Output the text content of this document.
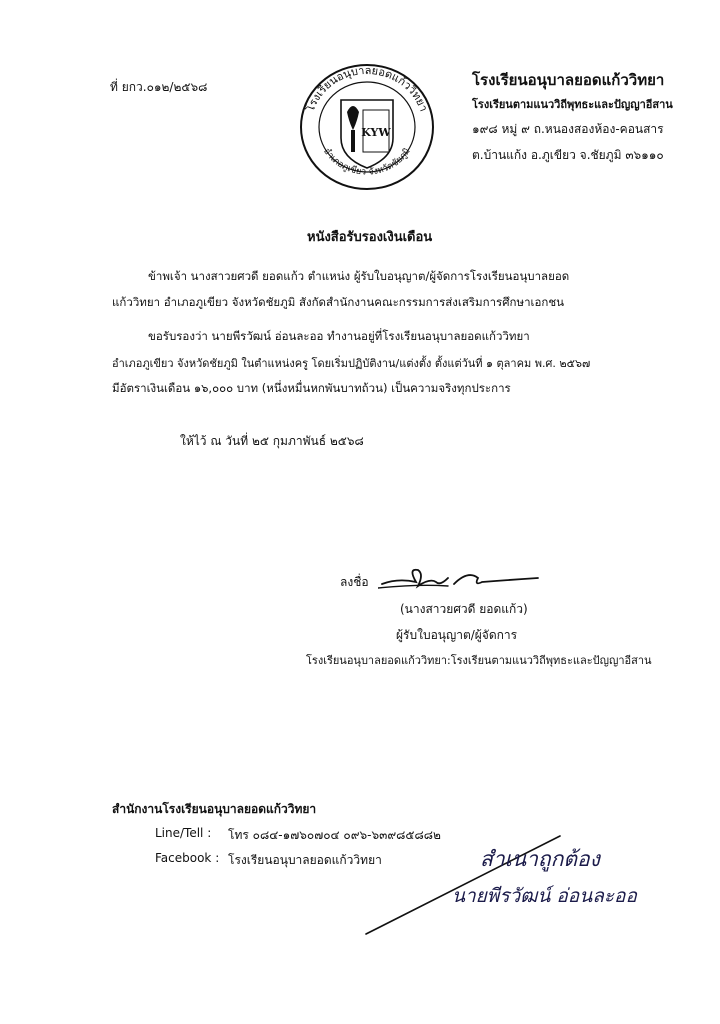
ที่ ยกว.๐๑๒/๒๕๖๘
โรงเรียนอนุบาลยอดแก้ววิทยา
อำเภอภูเขียว จังหวัดชัยภูมิ
KYW
โรงเรียนอนุบาลยอดแก้ววิทยา
โรงเรียนตามแนววิถีพุทธะและปัญญาอีสาน
๑๙๘ หมู่ ๙ ถ.หนองสองห้อง-คอนสาร
ต.บ้านแก้ง อ.ภูเขียว จ.ชัยภูมิ ๓๖๑๑๐
หนังสือรับรองเงินเดือน
ข้าพเจ้า นางสาวยศวดี ยอดแก้ว ตำแหน่ง ผู้รับใบอนุญาต/ผู้จัดการโรงเรียนอนุบาลยอด
แก้ววิทยา อำเภอภูเขียว จังหวัดชัยภูมิ สังกัดสำนักงานคณะกรรมการส่งเสริมการศึกษาเอกชน
ขอรับรองว่า นายพีรวัฒน์ อ่อนละออ ทำงานอยู่ที่โรงเรียนอนุบาลยอดแก้ววิทยา
อำเภอภูเขียว จังหวัดชัยภูมิ ในตำแหน่งครู โดยเริ่มปฏิบัติงาน/แต่งตั้ง ตั้งแต่วันที่ ๑ ตุลาคม พ.ศ. ๒๕๖๗
มีอัตราเงินเดือน ๑๖,๐๐๐ บาท (หนึ่งหมื่นหกพันบาทถ้วน) เป็นความจริงทุกประการ
ให้ไว้ ณ วันที่ ๒๕ กุมภาพันธ์ ๒๕๖๘
ลงชื่อ
(นางสาวยศวดี ยอดแก้ว)
ผู้รับใบอนุญาต/ผู้จัดการ
โรงเรียนอนุบาลยอดแก้ววิทยา:โรงเรียนตามแนววิถีพุทธะและปัญญาอีสาน
สำนักงานโรงเรียนอนุบาลยอดแก้ววิทยา
Line/Tell : โทร ๐๘๔-๑๗๖๐๗๐๔ ๐๙๖-๖๓๙๘๕๘๘๒
Facebook : โรงเรียนอนุบาลยอดแก้ววิทยา	สำเนาถูกต้อง
นายพีรวัฒน์ อ่อนละออ
